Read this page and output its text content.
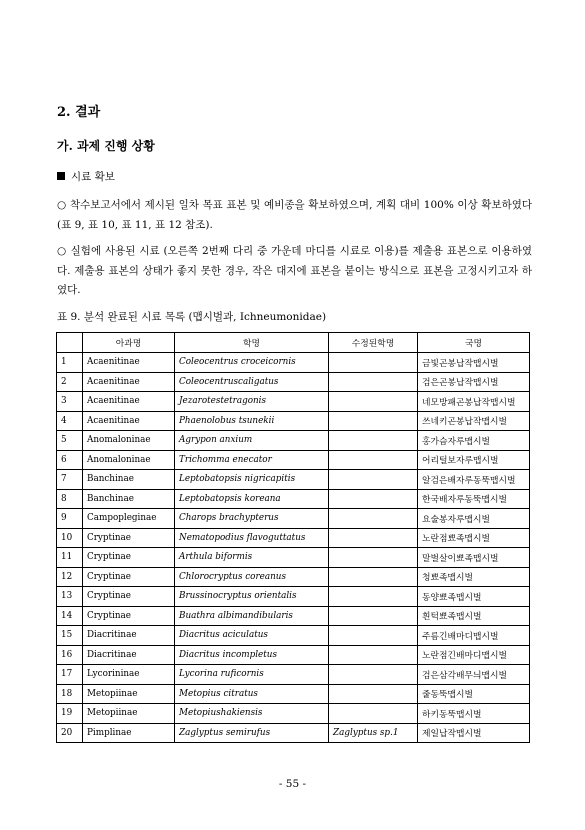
2. 결과
가. 과제 진행 상황
시료 확보
○ 착수보고서에서 제시된 일차 목표 표본 및 예비종을 확보하였으며, 계획 대비 100% 이상 확보하였다 (표 9, 표 10, 표 11, 표 12 참조).
○ 실험에 사용된 시료 (오른쪽 2번째 다리 중 가운데 마디를 시료로 이용)를 제출용 표본으로 이용하였다. 제출용 표본의 상태가 좋지 못한 경우, 작은 대지에 표본을 붙이는 방식으로 표본을 고정시키고자 하였다.
표 9. 분석 완료된 시료 목록 (맵시벌과, Ichneumonidae)
	아과명	학명	수정된학명	국명
1	Acaenitinae	Coleocentrus croceicornis		금빛곤봉납작맵시벌
2	Acaenitinae	Coleocentruscaligatus		검은곤봉납작맵시벌
3	Acaenitinae	Jezarotestetragonis		네모방패곤봉납작맵시벌
4	Acaenitinae	Phaenolobus tsunekii		쓰네키곤봉납작맵시벌
5	Anomaloninae	Agrypon anxium		홍가슴자루맵시벌
6	Anomaloninae	Trichomma enecator		어리털보자루맵시벌
7	Banchinae	Leptobatopsis nigricapitis		알검은배자루동뚝맵시벌
8	Banchinae	Leptobatopsis koreana		한국배자루동뚝맵시벌
9	Campopleginae	Charops brachypterus		요술봉자루맵시벌
10	Cryptinae	Nematopodius flavoguttatus		노란점뾰족맵시벌
11	Cryptinae	Arthula biformis		말벌살이뾰족맵시벌
12	Cryptinae	Chlorocryptus coreanus		청뾰족맵시벌
13	Cryptinae	Brussinocryptus orientalis		동양뾰족맵시벌
14	Cryptinae	Buathra albimandibularis		흰턱뾰족맵시벌
15	Diacritinae	Diacritus aciculatus		주름긴배마디맵시벌
16	Diacritinae	Diacritus incompletus		노란점긴배마디맵시벌
17	Lycorininae	Lycorina ruficornis		검은삼각배무늬맵시벌
18	Metopiinae	Metopius citratus		줄동뚝맵시벌
19	Metopiinae	Metopiushakiensis		하키동뚝맵시벌
20	Pimplinae	Zaglyptus semirufus	Zaglyptus sp.1	제일납작맵시벌
- 55 -
